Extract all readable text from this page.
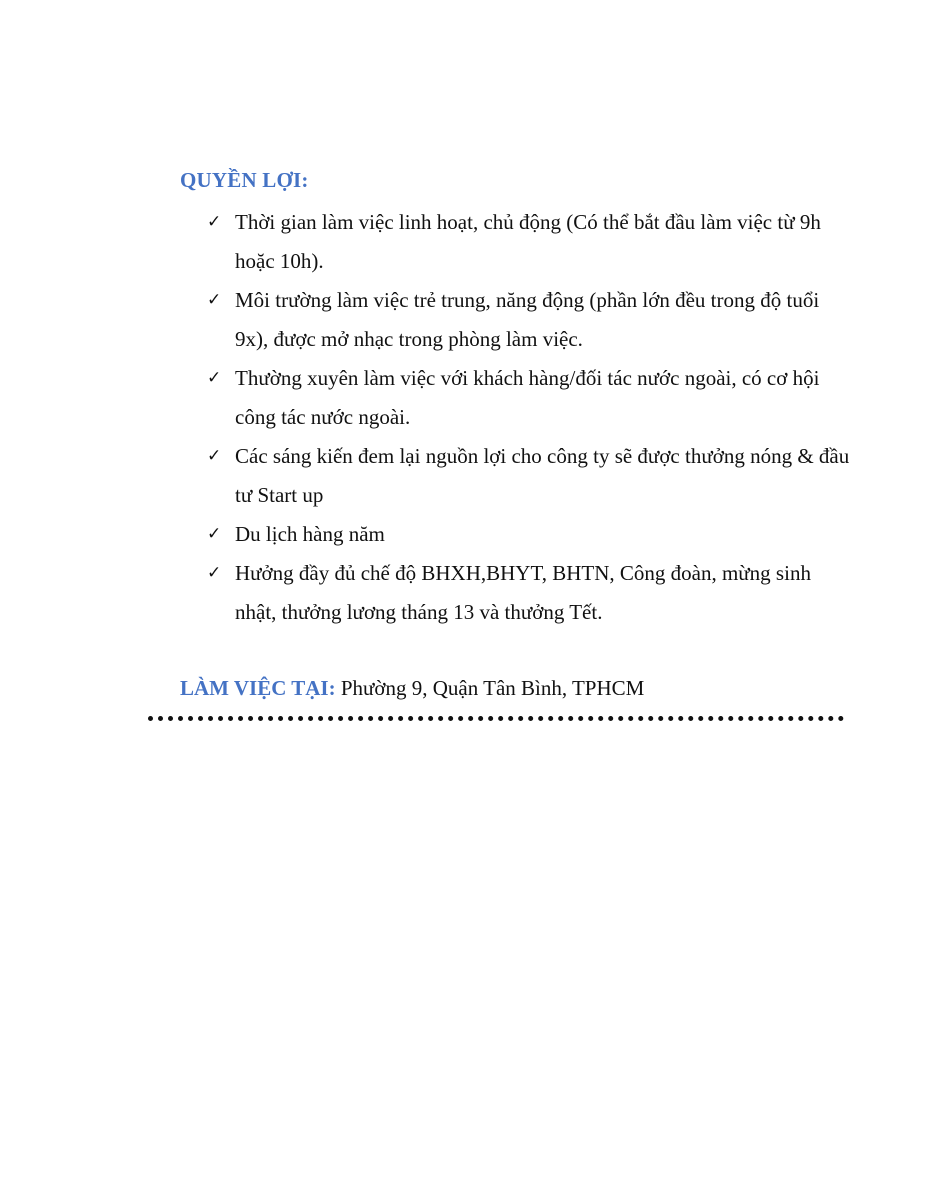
QUYỀN LỢI:
✓ Thời gian làm việc linh hoạt, chủ động (Có thể bắt đầu làm việc từ 9h hoặc 10h).
✓ Môi trường làm việc trẻ trung, năng động (phần lớn đều trong độ tuổi 9x), được mở nhạc trong phòng làm việc.
✓ Thường xuyên làm việc với khách hàng/đối tác nước ngoài, có cơ hội công tác nước ngoài.
✓ Các sáng kiến đem lại nguồn lợi cho công ty sẽ được thưởng nóng & đầu tư Start up
✓ Du lịch hàng năm
✓ Hưởng đầy đủ chế độ BHXH,BHYT, BHTN, Công đoàn, mừng sinh nhật, thưởng lương tháng 13 và thưởng Tết.
LÀM VIỆC TẠI: Phường 9, Quận Tân Bình, TPHCM
